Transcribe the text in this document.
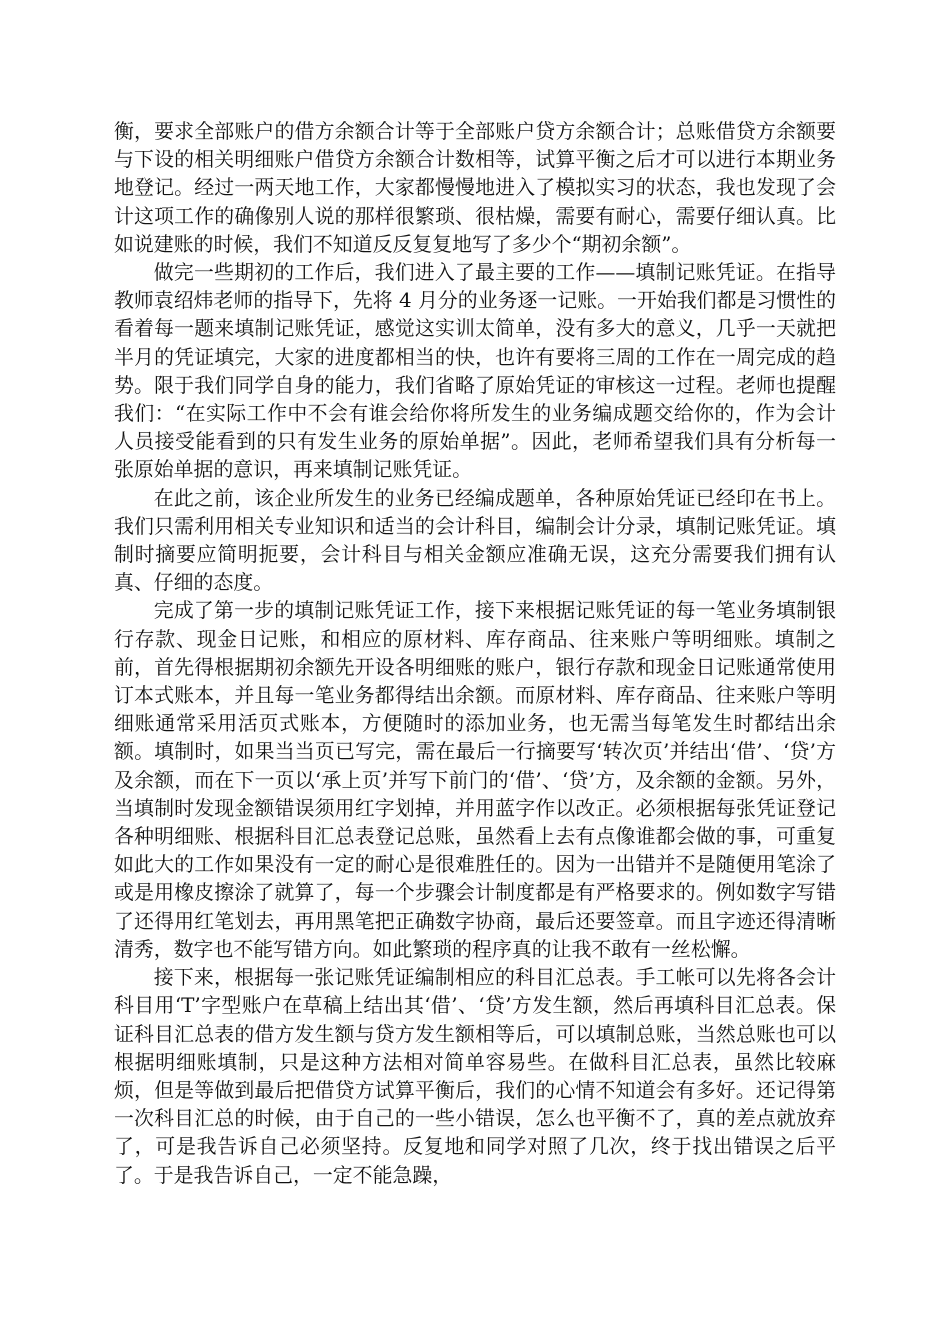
衡，要求全部账户的借方余额合计等于全部账户贷方余额合计；总账借贷方余额要与下设的相关明细账户借贷方余额合计数相等，试算平衡之后才可以进行本期业务地登记。经过一两天地工作，大家都慢慢地进入了模拟实习的状态，我也发现了会计这项工作的确像别人说的那样很繁琐、很枯燥，需要有耐心，需要仔细认真。比如说建账的时候，我们不知道反反复复地写了多少个“期初余额”。

做完一些期初的工作后，我们进入了最主要的工作——填制记账凭证。在指导教师袁绍炜老师的指导下，先将 4 月分的业务逐一记账。一开始我们都是习惯性的看着每一题来填制记账凭证，感觉这实训太简单，没有多大的意义，几乎一天就把半月的凭证填完，大家的进度都相当的快，也许有要将三周的工作在一周完成的趋势。限于我们同学自身的能力，我们省略了原始凭证的审核这一过程。老师也提醒我们：“在实际工作中不会有谁会给你将所发生的业务编成题交给你的，作为会计人员接受能看到的只有发生业务的原始单据”。因此，老师希望我们具有分析每一张原始单据的意识，再来填制记账凭证。

在此之前，该企业所发生的业务已经编成题单，各种原始凭证已经印在书上。我们只需利用相关专业知识和适当的会计科目，编制会计分录，填制记账凭证。填制时摘要应简明扼要，会计科目与相关金额应准确无误，这充分需要我们拥有认真、仔细的态度。

完成了第一步的填制记账凭证工作，接下来根据记账凭证的每一笔业务填制银行存款、现金日记账，和相应的原材料、库存商品、往来账户等明细账。填制之前，首先得根据期初余额先开设各明细账的账户，银行存款和现金日记账通常使用订本式账本，并且每一笔业务都得结出余额。而原材料、库存商品、往来账户等明细账通常采用活页式账本，方便随时的添加业务，也无需当每笔发生时都结出余额。填制时，如果当当页已写完，需在最后一行摘要写‘转次页’并结出‘借’、‘贷’方及余额，而在下一页以‘承上页’并写下前门的‘借’、‘贷’方，及余额的金额。另外，当填制时发现金额错误须用红字划掉，并用蓝字作以改正。必须根据每张凭证登记各种明细账、根据科目汇总表登记总账，虽然看上去有点像谁都会做的事，可重复如此大的工作如果没有一定的耐心是很难胜任的。因为一出错并不是随便用笔涂了或是用橡皮擦涂了就算了，每一个步骤会计制度都是有严格要求的。例如数字写错了还得用红笔划去，再用黑笔把正确数字协商，最后还要签章。而且字迹还得清晰清秀，数字也不能写错方向。如此繁琐的程序真的让我不敢有一丝松懈。

接下来，根据每一张记账凭证编制相应的科目汇总表。手工帐可以先将各会计科目用‘T’字型账户在草稿上结出其‘借’、‘贷’方发生额，然后再填科目汇总表。保证科目汇总表的借方发生额与贷方发生额相等后，可以填制总账，当然总账也可以根据明细账填制，只是这种方法相对简单容易些。在做科目汇总表，虽然比较麻烦，但是等做到最后把借贷方试算平衡后，我们的心情不知道会有多好。还记得第一次科目汇总的时候，由于自己的一些小错误，怎么也平衡不了，真的差点就放弃了，可是我告诉自己必须坚持。反复地和同学对照了几次，终于找出错误之后平了。于是我告诉自己，一定不能急躁，
